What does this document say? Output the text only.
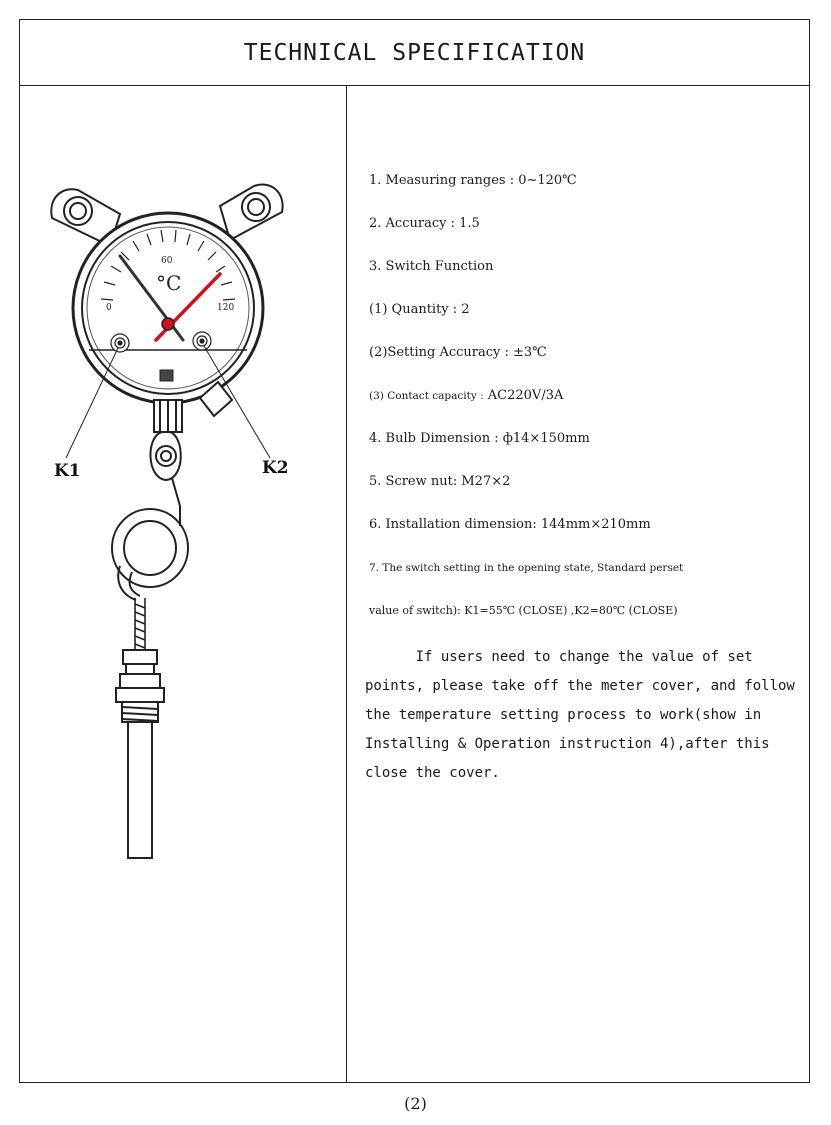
TECHNICAL SPECIFICATION
0
60
120
°C
K1	K2
1. Measuring ranges : 0~120℃
2. Accuracy : 1.5
3. Switch Function
(1) Quantity : 2
(2)Setting Accuracy : ±3℃
(3) Contact capacity : AC220V/3A
4. Bulb Dimension : ф14×150mm
5. Screw nut: M27×2
6. Installation dimension: 144mm×210mm
7. The switch setting in the opening state, Standard perset
value of switch): K1=55℃ (CLOSE) ,K2=80℃ (CLOSE)
If users need to change the value of set
points, please take off the meter cover, and follow
the temperature setting process to work(show in
Installing & Operation instruction 4),after this
close the cover.
(2)
